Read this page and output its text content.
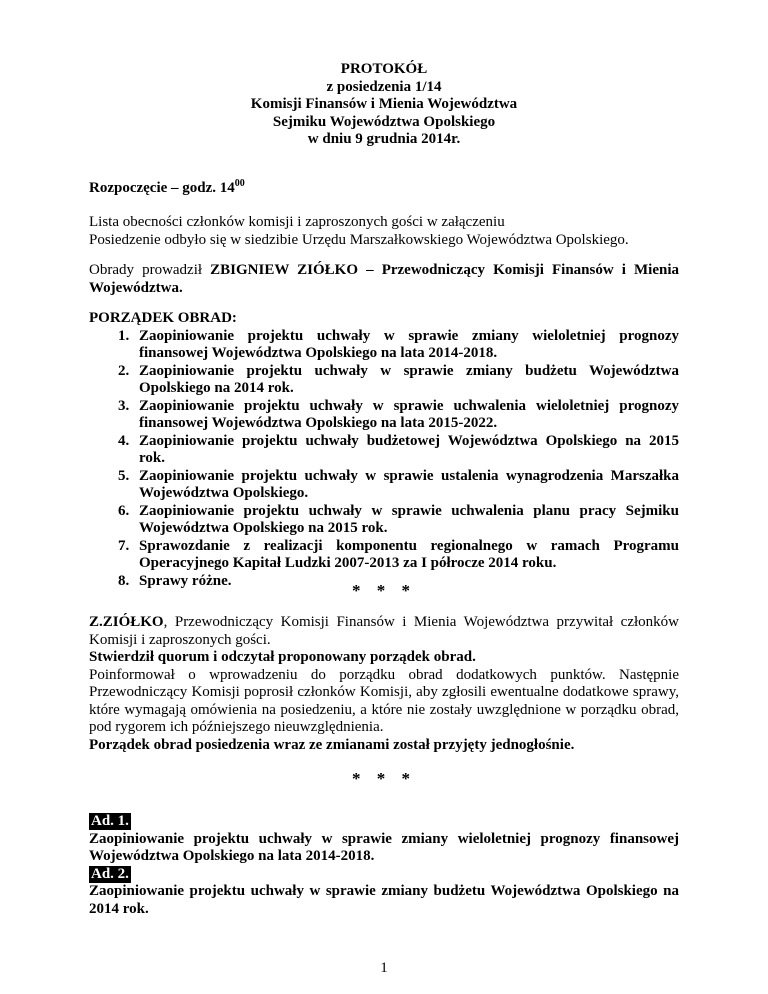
PROTOKÓŁ
z posiedzenia 1/14
Komisji Finansów i Mienia Województwa
Sejmiku Województwa Opolskiego
w dniu 9 grudnia 2014r.
Rozpoczęcie – godz. $14^{00}$
Lista obecności członków komisji i zaproszonych gości w załączeniu
Posiedzenie odbyło się w siedzibie Urzędu Marszałkowskiego Województwa Opolskiego.
Obrady prowadził ZBIGNIEW ZIÓŁKO – Przewodniczący Komisji Finansów i Mienia Województwa.
PORZĄDEK OBRAD:
1. Zaopiniowanie projektu uchwały w sprawie zmiany wieloletniej prognozy finansowej Województwa Opolskiego na lata 2014-2018.
2. Zaopiniowanie projektu uchwały w sprawie zmiany budżetu Województwa Opolskiego na 2014 rok.
3. Zaopiniowanie projektu uchwały w sprawie uchwalenia wieloletniej prognozy finansowej Województwa Opolskiego na lata 2015-2022.
4. Zaopiniowanie projektu uchwały budżetowej Województwa Opolskiego na 2015 rok.
5. Zaopiniowanie projektu uchwały w sprawie ustalenia wynagrodzenia Marszałka Województwa Opolskiego.
6. Zaopiniowanie projektu uchwały w sprawie uchwalenia planu pracy Sejmiku Województwa Opolskiego na 2015 rok.
7. Sprawozdanie z realizacji komponentu regionalnego w ramach Programu Operacyjnego Kapitał Ludzki 2007-2013 za I półrocze 2014 roku.
8. Sprawy różne.
* * *
Z.ZIÓŁKO, Przewodniczący Komisji Finansów i Mienia Województwa przywitał członków Komisji i zaproszonych gości.
Stwierdził quorum i odczytał proponowany porządek obrad.
Poinformował o wprowadzeniu do porządku obrad dodatkowych punktów. Następnie Przewodniczący Komisji poprosił członków Komisji, aby zgłosili ewentualne dodatkowe sprawy, które wymagają omówienia na posiedzeniu, a które nie zostały uwzględnione w porządku obrad, pod rygorem ich późniejszego nieuwzględnienia.
Porządek obrad posiedzenia wraz ze zmianami został przyjęty jednogłośnie.
* * *
Ad. 1.
Zaopiniowanie projektu uchwały w sprawie zmiany wieloletniej prognozy finansowej Województwa Opolskiego na lata 2014-2018.
Ad. 2.
Zaopiniowanie projektu uchwały w sprawie zmiany budżetu Województwa Opolskiego na 2014 rok.
1
